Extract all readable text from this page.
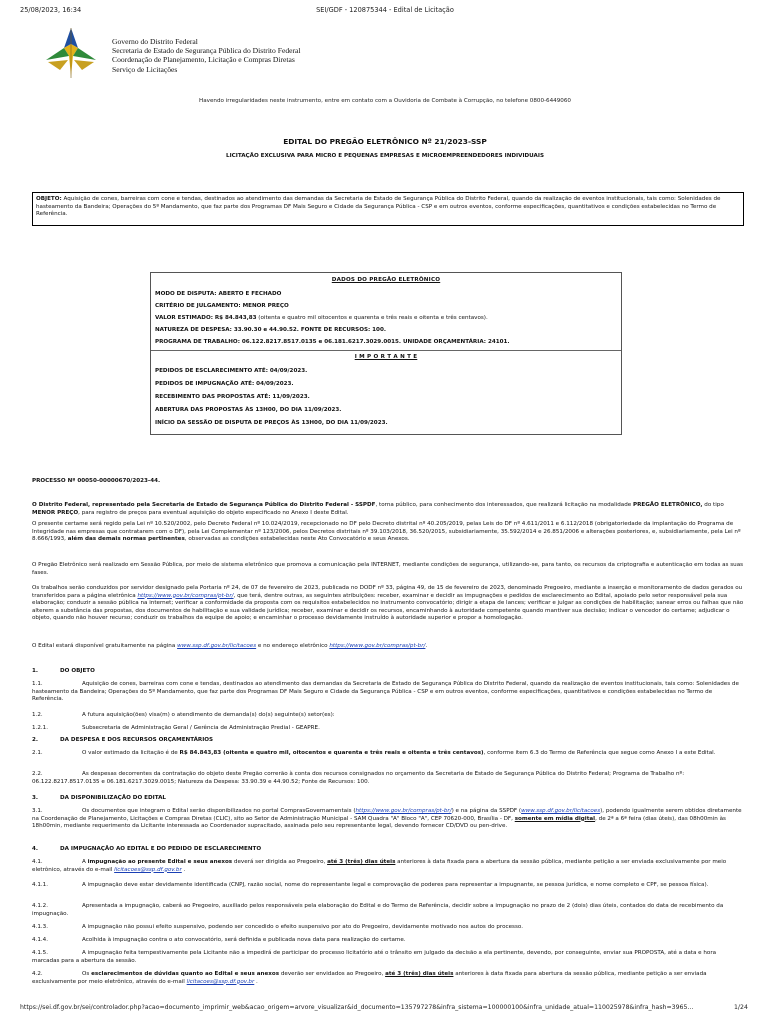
25/08/2023, 16:34	SEI/GDF - 120875344 - Edital de Licitação
Governo do Distrito Federal
Secretaria de Estado de Segurança Pública do Distrito Federal
Coordenação de Planejamento, Licitação e Compras Diretas
Serviço de Licitações
Havendo irregularidades neste instrumento, entre em contato com a Ouvidoria de Combate à Corrupção, no telefone 0800-6449060
EDITAL DO PREGÃO ELETRÔNICO Nº 21/2023-SSP
LICITAÇÃO EXCLUSIVA PARA MICRO E PEQUENAS EMPRESAS E MICROEMPREENDEDORES INDIVIDUAIS
OBJETO: Aquisição de cones, barreiras com cone e tendas, destinados ao atendimento das demandas da Secretaria de Estado de Segurança Pública do Distrito Federal, quando da realização de eventos institucionais, tais como: Solenidades de hasteamento da Bandeira; Operações do 5º Mandamento, que faz parte dos Programas DF Mais Seguro e Cidade da Segurança Pública - CSP e em outros eventos, conforme especificações, quantitativos e condições estabelecidas no Termo de Referência.
DADOS DO PREGÃO ELETRÔNICO
MODO DE DISPUTA: ABERTO E FECHADO
CRITÉRIO DE JULGAMENTO: MENOR PREÇO
VALOR ESTIMADO: R$ 84.843,83 (oitenta e quatro mil oitocentos e quarenta e três reais e oitenta e três centavos).
NATUREZA DE DESPESA: 33.90.30 e 44.90.52. FONTE DE RECURSOS: 100.
PROGRAMA DE TRABALHO: 06.122.8217.8517.0135 e 06.181.6217.3029.0015. UNIDADE ORÇAMENTÁRIA: 24101.
I M P O R T A N T E
PEDIDOS DE ESCLARECIMENTO ATÉ: 04/09/2023.
PEDIDOS DE IMPUGNAÇÃO ATÉ: 04/09/2023.
RECEBIMENTO DAS PROPOSTAS ATÉ: 11/09/2023.
ABERTURA DAS PROPOSTAS ÀS 13H00, DO DIA 11/09/2023.
INÍCIO DA SESSÃO DE DISPUTA DE PREÇOS ÀS 13H00, DO DIA 11/09/2023.
PROCESSO Nº 00050-00000670/2023-44.
O Distrito Federal, representado pela Secretaria de Estado de Segurança Pública do Distrito Federal - SSPDF, torna público, para conhecimento dos interessados, que realizará licitação na modalidade PREGÃO ELETRÔNICO, do tipo MENOR PREÇO, para registro de preços para eventual aquisição do objeto especificado no Anexo I deste Edital.
O presente certame será regido pela Lei nº 10.520/2002, pelo Decreto Federal nº 10.024/2019, recepcionado no DF pelo Decreto distrital nº 40.205/2019, pelas Leis do DF nº 4.611/2011 e 6.112/2018 (obrigatoriedade da implantação do Programa de Integridade nas empresas que contratarem com o DF), pela Lei Complementar nº 123/2006, pelos Decretos distritais nº 39.103/2018, 36.520/2015, subsidiariamente, 35.592/2014 e 26.851/2006 e alterações posteriores, e, subsidiariamente, pela Lei nº 8.666/1993, além das demais normas pertinentes, observadas as condições estabelecidas neste Ato Convocatório e seus Anexos.
O Pregão Eletrônico será realizado em Sessão Pública, por meio de sistema eletrônico que promova a comunicação pela INTERNET, mediante condições de segurança, utilizando-se, para tanto, os recursos da criptografia e autenticação em todas as suas fases.
Os trabalhos serão conduzidos por servidor designado pela Portaria nº 24, de 07 de fevereiro de 2023, publicada no DODF nº 33, página 49, de 15 de fevereiro de 2023, denominado Pregoeiro, mediante a inserção e monitoramento de dados gerados ou transferidos para a página eletrônica https://www.gov.br/compras/pt-br/, que terá, dentre outras, as seguintes atribuições: receber, examinar e decidir as impugnações e pedidos de esclarecimento ao Edital, apoiado pelo setor responsável pela sua elaboração; conduzir a sessão pública na internet; verificar a conformidade da proposta com os requisitos estabelecidos no instrumento convocatório; dirigir a etapa de lances; verificar e julgar as condições de habilitação; sanear erros ou falhas que não alterem a substância das propostas, dos documentos de habilitação e sua validade jurídica; receber, examinar e decidir os recursos, encaminhando à autoridade competente quando mantiver sua decisão; indicar o vencedor do certame; adjudicar o objeto, quando não houver recurso; conduzir os trabalhos da equipe de apoio; e encaminhar o processo devidamente instruído à autoridade superior e propor a homologação.
O Edital estará disponível gratuitamente na página www.ssp.df.gov.br/licitacoes e no endereço eletrônico https://www.gov.br/compras/pt-br/.
1.	DO OBJETO
1.1.	Aquisição de cones, barreiras com cone e tendas, destinados ao atendimento das demandas da Secretaria de Estado de Segurança Pública do Distrito Federal, quando da realização de eventos institucionais, tais como: Solenidades de hasteamento da Bandeira; Operações do 5º Mandamento, que faz parte dos Programas DF Mais Seguro e Cidade da Segurança Pública - CSP e em outros eventos, conforme especificações, quantitativos e condições estabelecidas no Termo de Referência.
1.2.	A futura aquisição(ões) visa(m) o atendimento de demanda(s) do(s) seguinte(s) setor(es):
1.2.1.	Subsecretaria de Administração Geral / Gerência de Administração Predial - GEAPRE.
2.	DA DESPESA E DOS RECURSOS ORÇAMENTÁRIOS
2.1.	O valor estimado da licitação é de R$ 84.843,83 (oitenta e quatro mil, oitocentos e quarenta e três reais e oitenta e três centavos), conforme item 6.3 do Termo de Referência que segue como Anexo I a este Edital.
2.2.	As despesas decorrentes da contratação do objeto deste Pregão correrão à conta dos recursos consignados no orçamento da Secretaria de Estado de Segurança Pública do Distrito Federal; Programa de Trabalho nº: 06.122.8217.8517.0135 e 06.181.6217.3029.0015; Natureza da Despesa: 33.90.39 e 44.90.52; Fonte de Recursos: 100.
3.	DA DISPONIBILIZAÇÃO DO EDITAL
3.1.	Os documentos que integram o Edital serão disponibilizados no portal ComprasGovernamentais (https://www.gov.br/compras/pt-br/) e na página da SSPDF (www.ssp.df.gov.br/licitacoes), podendo igualmente serem obtidos diretamente na Coordenação de Planejamento, Licitações e Compras Diretas (CLIC), sito ao Setor de Administração Municipal - SAM Quadra "A" Bloco "A", CEP 70620-000, Brasília - DF, somente em mídia digital, de 2ª a 6ª feira (dias úteis), das 08h00min às 18h00min, mediante requerimento da Licitante interessada ao Coordenador supracitado, assinada pelo seu representante legal, devendo fornecer CD/DVD ou pen-drive.
4.	DA IMPUGNAÇÃO AO EDITAL E DO PEDIDO DE ESCLARECIMENTO
4.1.	A impugnação ao presente Edital e seus anexos deverá ser dirigida ao Pregoeiro, até 3 (três) dias úteis anteriores à data fixada para a abertura da sessão pública, mediante petição a ser enviada exclusivamente por meio eletrônico, através do e-mail licitacoes@ssp.df.gov.br .
4.1.1.	A impugnação deve estar devidamente identificada (CNPJ, razão social, nome do representante legal e comprovação de poderes para representar a impugnante, se pessoa jurídica, e nome completo e CPF, se pessoa física).
4.1.2.	Apresentada a impugnação, caberá ao Pregoeiro, auxiliado pelos responsáveis pela elaboração do Edital e do Termo de Referência, decidir sobre a impugnação no prazo de 2 (dois) dias úteis, contados do data de recebimento da impugnação.
4.1.3.	A impugnação não possui efeito suspensivo, podendo ser concedido o efeito suspensivo por ato do Pregoeiro, devidamente motivado nos autos do processo.
4.1.4.	Acolhida à impugnação contra o ato convocatório, será definida e publicada nova data para realização do certame.
4.1.5.	A impugnação feita tempestivamente pela Licitante não a impedirá de participar do processo licitatório até o trânsito em julgado da decisão a ela pertinente, devendo, por conseguinte, enviar sua PROPOSTA, até a data e hora marcadas para a abertura da sessão.
4.2.	Os esclarecimentos de dúvidas quanto ao Edital e seus anexos deverão ser envidados ao Pregoeiro, até 3 (três) dias úteis anteriores à data fixada para abertura da sessão pública, mediante petição a ser enviada exclusivamente por meio eletrônico, através do e-mail licitacoes@ssp.df.gov.br .
https://sei.df.gov.br/sei/controlador.php?acao=documento_imprimir_web&acao_origem=arvore_visualizar&id_documento=135797278&infra_sistema=100000100&infra_unidade_atual=110025978&infra_hash=3965…	1/24
